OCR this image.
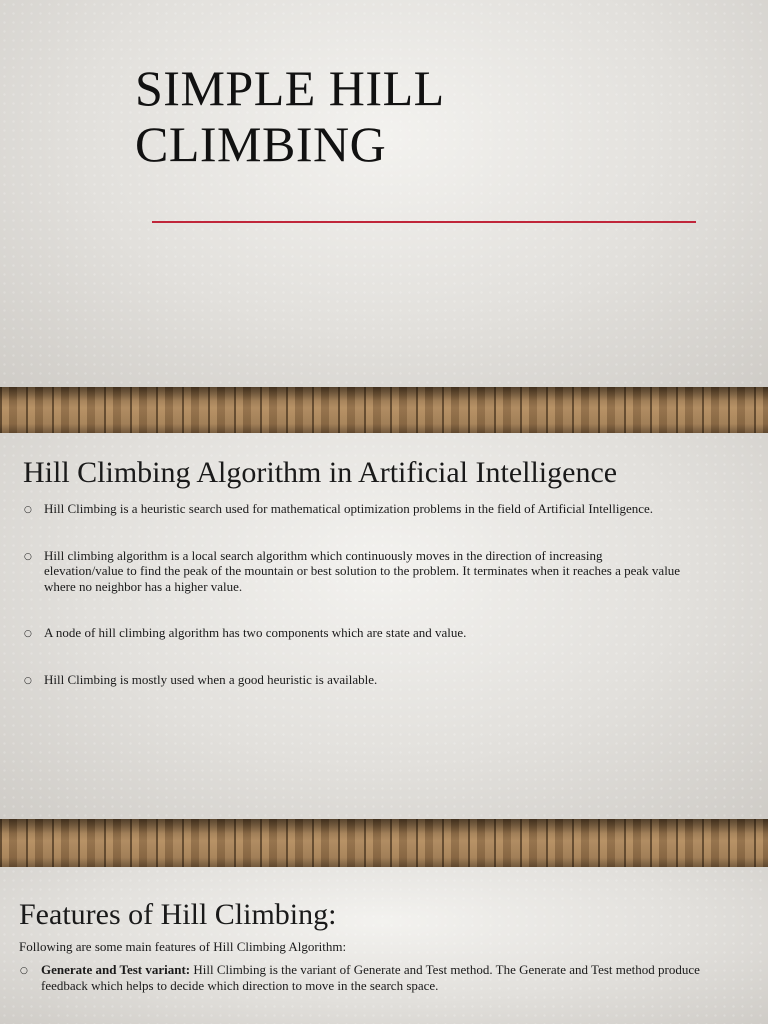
SIMPLE HILL CLIMBING
Hill Climbing Algorithm in Artificial Intelligence
○ Hill Climbing is a heuristic search used for mathematical optimization problems in the field of Artificial Intelligence.
○ Hill climbing algorithm is a local search algorithm which continuously moves in the direction of increasing elevation/value to find the peak of the mountain or best solution to the problem. It terminates when it reaches a peak value where no neighbor has a higher value.
○ A node of hill climbing algorithm has two components which are state and value.
○ Hill Climbing is mostly used when a good heuristic is available.
Features of Hill Climbing:
Following are some main features of Hill Climbing Algorithm:
○ Generate and Test variant: Hill Climbing is the variant of Generate and Test method. The Generate and Test method produce feedback which helps to decide which direction to move in the search space.
